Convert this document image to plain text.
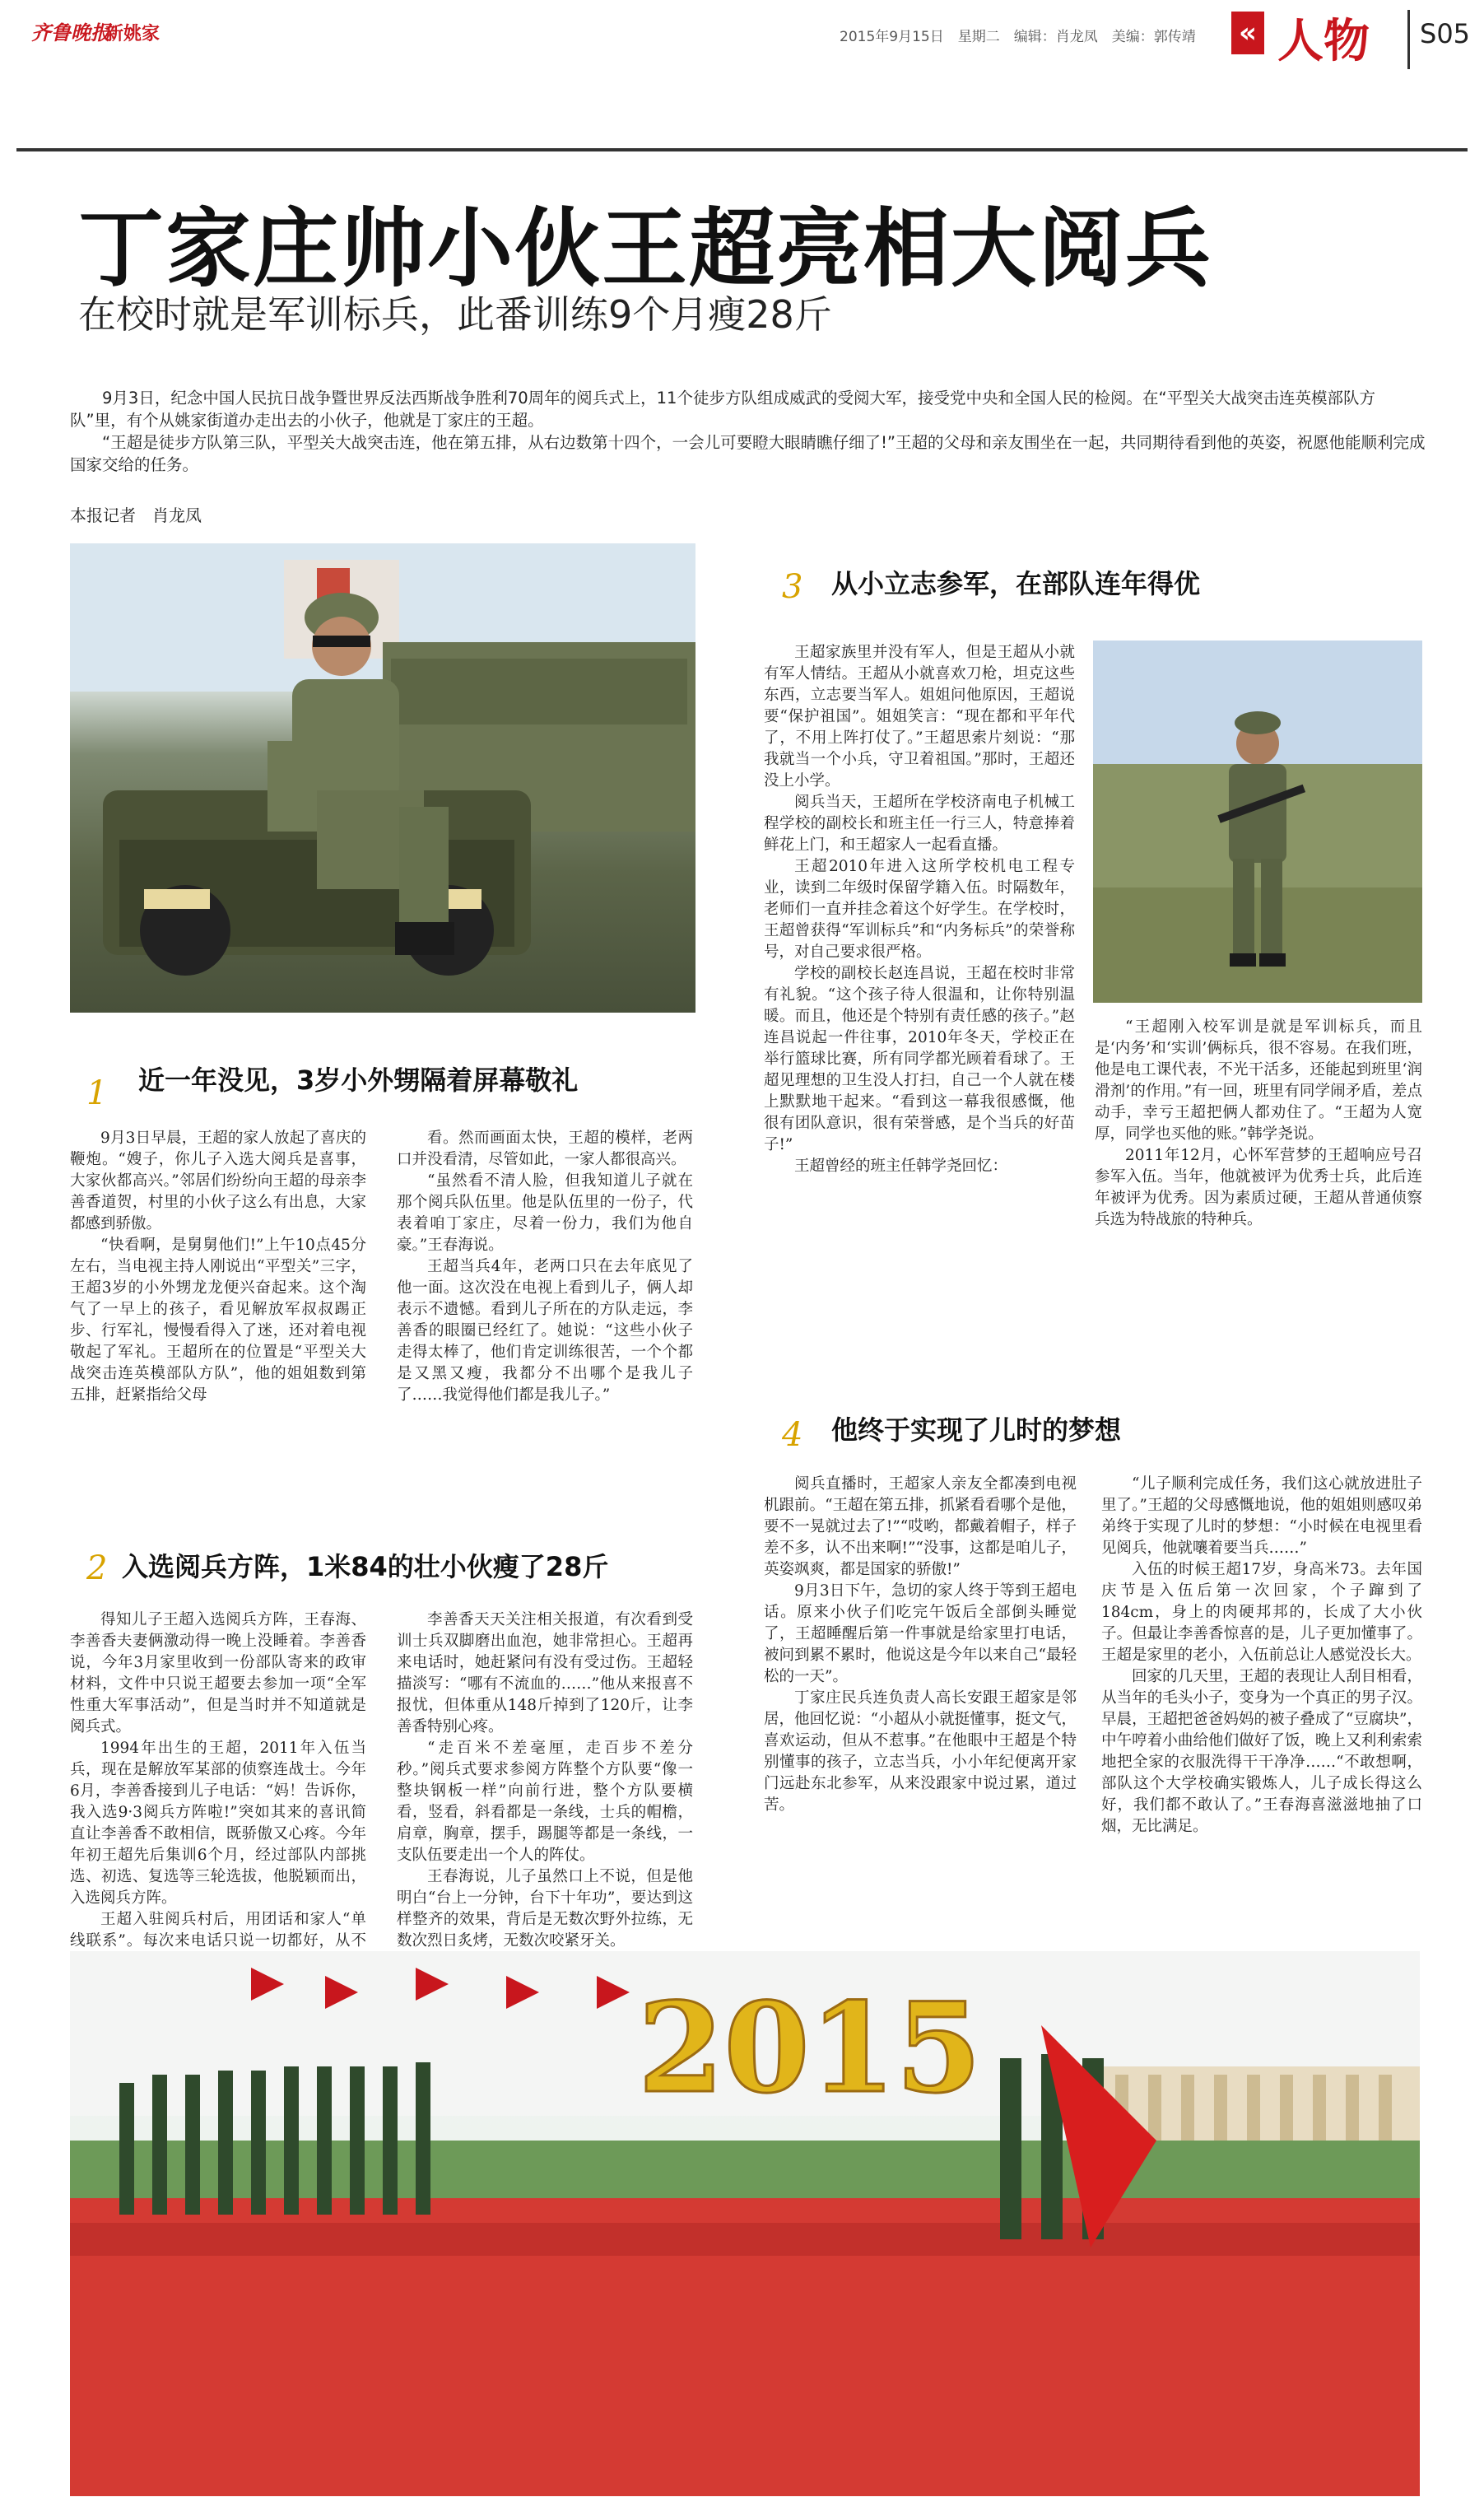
齐鲁晚报
新姚家	2015年9月15日　星期二　编辑：肖龙凤　美编：郭传靖 « 人物 S05
丁家庄帅小伙王超亮相大阅兵
在校时就是军训标兵，此番训练9个月瘦28斤

9月3日，纪念中国人民抗日战争暨世界反法西斯战争胜利70周年的阅兵式上，11个徒步方队组成威武的受阅大军，接受党中央和全国人民的检阅。在“平型关大战突击连英模部队方队”里，有个从姚家街道办走出去的小伙子，他就是丁家庄的王超。

“王超是徒步方队第三队，平型关大战突击连，他在第五排，从右边数第十四个，一会儿可要瞪大眼睛瞧仔细了!”王超的父母和亲友围坐在一起，共同期待看到他的英姿，祝愿他能顺利完成国家交给的任务。

本报记者　肖龙凤
1 近一年没见，3岁小外甥隔着屏幕敬礼

9月3日早晨，王超的家人放起了喜庆的鞭炮。“嫂子，你儿子入选大阅兵是喜事，大家伙都高兴。”邻居们纷纷向王超的母亲李善香道贺，村里的小伙子这么有出息，大家都感到骄傲。

“快看啊，是舅舅他们!”上午10点45分左右，当电视主持人刚说出“平型关”三字，王超3岁的小外甥龙龙便兴奋起来。这个淘气了一早上的孩子，看见解放军叔叔踢正步、行军礼，慢慢看得入了迷，还对着电视敬起了军礼。王超所在的位置是“平型关大战突击连英模部队方队”，他的姐姐数到第五排，赶紧指给父母

看。然而画面太快，王超的模样，老两口并没看清，尽管如此，一家人都很高兴。

“虽然看不清人脸，但我知道儿子就在那个阅兵队伍里。他是队伍里的一份子，代表着咱丁家庄，尽着一份力，我们为他自豪。”王春海说。

王超当兵4年，老两口只在去年底见了他一面。这次没在电视上看到儿子，俩人却表示不遗憾。看到儿子所在的方队走远，李善香的眼圈已经红了。她说：“这些小伙子走得太棒了，他们肯定训练很苦，一个个都是又黑又瘦，我都分不出哪个是我儿子了……我觉得他们都是我儿子。”

2 入选阅兵方阵，1米84的壮小伙瘦了28斤

得知儿子王超入选阅兵方阵，王春海、李善香夫妻俩激动得一晚上没睡着。李善香说，今年3月家里收到一份部队寄来的政审材料，文件中只说王超要去参加一项“全军性重大军事活动”，但是当时并不知道就是阅兵式。

1994年出生的王超，2011年入伍当兵，现在是解放军某部的侦察连战士。今年6月，李善香接到儿子电话：“妈！告诉你，我入选9·3阅兵方阵啦!”突如其来的喜讯简直让李善香不敢相信，既骄傲又心疼。今年年初王超先后集训6个月，经过部队内部挑选、初选、复选等三轮选拔，他脱颖而出，入选阅兵方阵。

王超入驻阅兵村后，用团话和家人“单线联系”。每次来电话只说一切都好，从不

李善香天天关注相关报道，有次看到受训士兵双脚磨出血泡，她非常担心。王超再来电话时，她赶紧问有没有受过伤。王超轻描淡写：“哪有不流血的……”他从来报喜不报忧，但体重从148斤掉到了120斤，让李善香特别心疼。

“走百米不差毫厘，走百步不差分秒。”阅兵式要求参阅方阵整个方队要“像一整块钢板一样”向前行进，整个方队要横看，竖看，斜看都是一条线，士兵的帽檐，肩章，胸章，摆手，踢腿等都是一条线，一支队伍要走出一个人的阵仗。

王春海说，儿子虽然口上不说，但是他明白“台上一分钟，台下十年功”，要达到这样整齐的效果，背后是无数次野外拉练，无数次烈日炙烤，无数次咬紧牙关。

3 从小立志参军，在部队连年得优

王超家族里并没有军人，但是王超从小就有军人情结。王超从小就喜欢刀枪，坦克这些东西，立志要当军人。姐姐问他原因，王超说要“保护祖国”。姐姐笑言：“现在都和平年代了，不用上阵打仗了。”王超思索片刻说：“那我就当一个小兵，守卫着祖国。”那时，王超还没上小学。

阅兵当天，王超所在学校济南电子机械工程学校的副校长和班主任一行三人，特意捧着鲜花上门，和王超家人一起看直播。

王超2010年进入这所学校机电工程专业，读到二年级时保留学籍入伍。时隔数年，老师们一直并挂念着这个好学生。在学校时，王超曾获得“军训标兵”和“内务标兵”的荣誉称号，对自己要求很严格。

学校的副校长赵连昌说，王超在校时非常有礼貌。“这个孩子待人很温和，让你特别温暖。而且，他还是个特别有责任感的孩子。”赵连昌说起一件往事，2010年冬天，学校正在举行篮球比赛，所有同学都光顾着看球了。王超见理想的卫生没人打扫，自己一个人就在楼上默默地干起来。“看到这一幕我很感慨，他很有团队意识，很有荣誉感，是个当兵的好苗子!”

王超曾经的班主任韩学尧回忆：

“王超刚入校军训是就是军训标兵，而且是‘内务’和‘实训’俩标兵，很不容易。在我们班，他是电工课代表，不光干活多，还能起到班里‘润滑剂’的作用。”有一回，班里有同学闹矛盾，差点动手，幸亏王超把俩人都劝住了。“王超为人宽厚，同学也买他的账。”韩学尧说。

2011年12月，心怀军营梦的王超响应号召参军入伍。当年，他就被评为优秀士兵，此后连年被评为优秀。因为素质过硬，王超从普通侦察兵选为特战旅的特种兵。

4 他终于实现了儿时的梦想

阅兵直播时，王超家人亲友全都凑到电视机跟前。“王超在第五排，抓紧看看哪个是他，要不一晃就过去了!”“哎哟，都戴着帽子，样子差不多，认不出来啊!”“没事，这都是咱儿子，英姿飒爽，都是国家的骄傲!”

9月3日下午，急切的家人终于等到王超电话。原来小伙子们吃完午饭后全部倒头睡觉了，王超睡醒后第一件事就是给家里打电话，被问到累不累时，他说这是今年以来自己“最轻松的一天”。

丁家庄民兵连负责人高长安跟王超家是邻居，他回忆说：“小超从小就挺懂事，挺文气，喜欢运动，但从不惹事。”在他眼中王超是个特别懂事的孩子，立志当兵，小小年纪便离开家门远赴东北参军，从来没跟家中说过累，道过苦。

“儿子顺利完成任务，我们这心就放进肚子里了。”王超的父母感慨地说，他的姐姐则感叹弟弟终于实现了儿时的梦想：“小时候在电视里看见阅兵，他就嚷着要当兵……”

入伍的时候王超17岁，身高米73。去年国庆节是入伍后第一次回家，个子蹿到了184cm，身上的肉硬邦邦的，长成了大小伙子。但最让李善香惊喜的是，儿子更加懂事了。王超是家里的老小，入伍前总让人感觉没长大。

回家的几天里，王超的表现让人刮目相看，从当年的毛头小子，变身为一个真正的男子汉。早晨，王超把爸爸妈妈的被子叠成了“豆腐块”，中午哼着小曲给他们做好了饭，晚上又利利索索地把全家的衣服洗得干干净净……“不敢想啊，部队这个大学校确实锻炼人，儿子成长得这么好，我们都不敢认了。”王春海喜滋滋地抽了口烟，无比满足。

2015
